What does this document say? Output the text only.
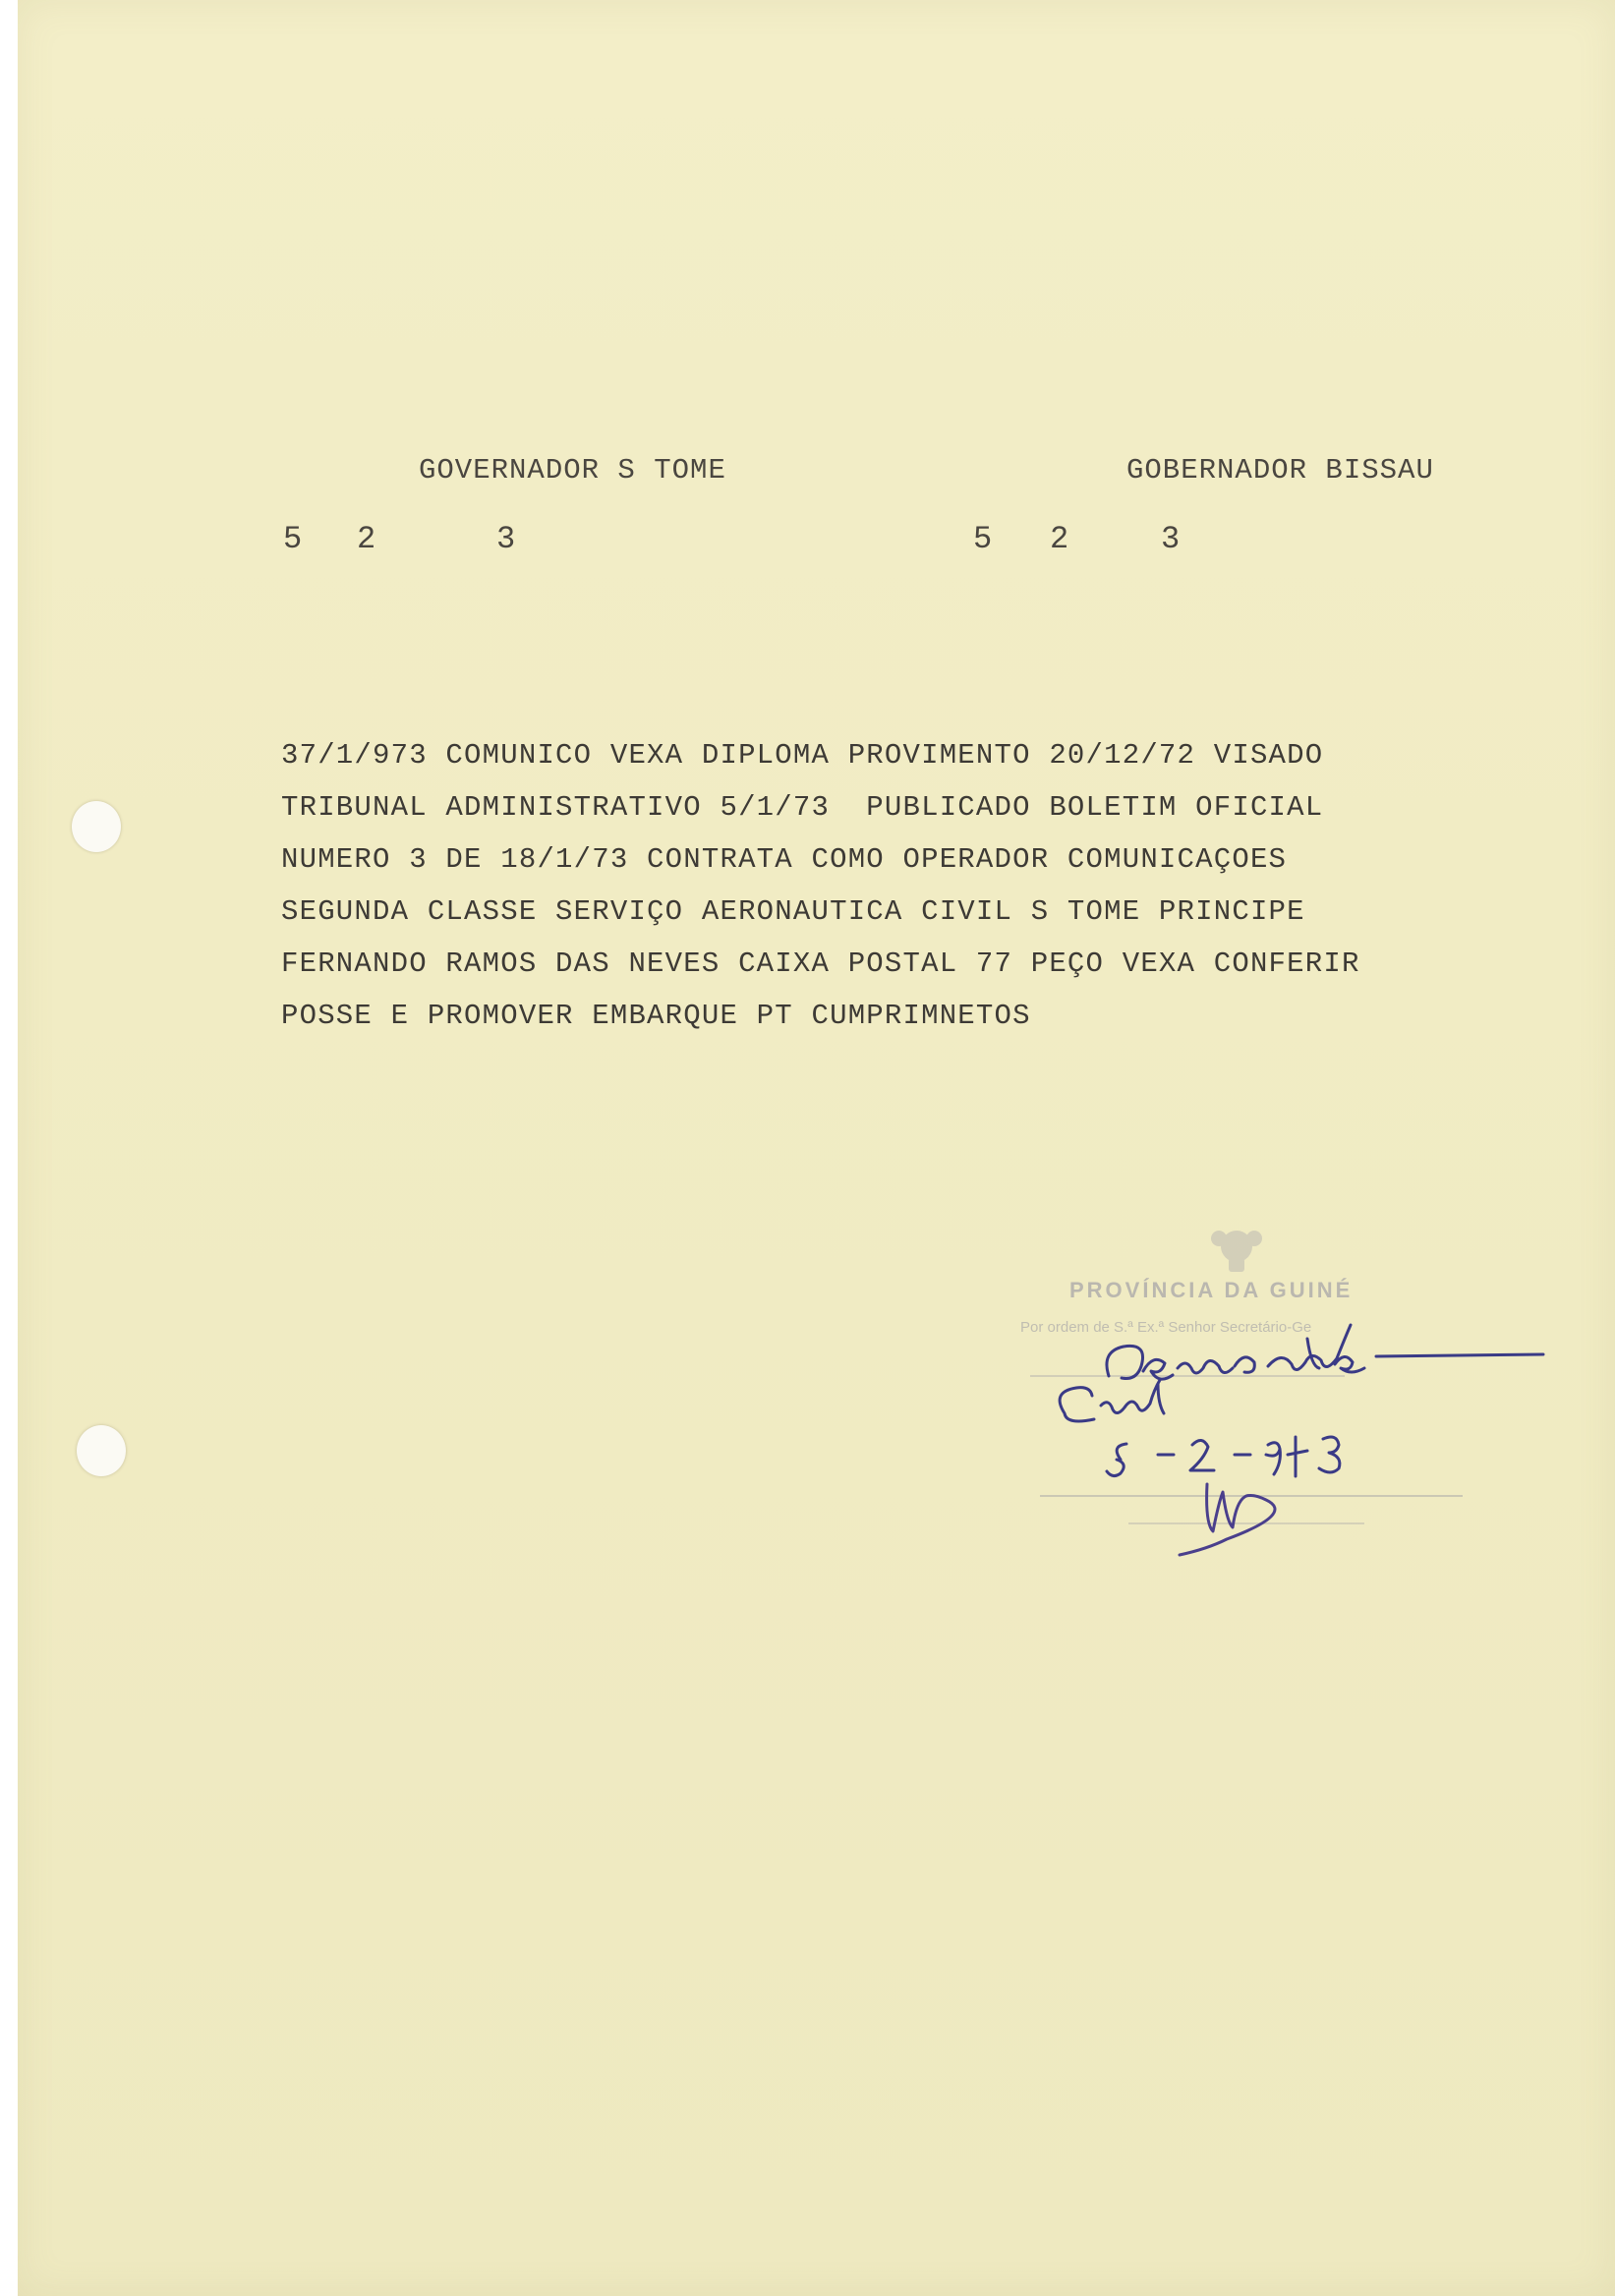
GOVERNADOR S TOME	GOBERNADOR BISSAU
5 2	3	5 2	3
37/1/973 COMUNICO VEXA DIPLOMA PROVIMENTO 20/12/72 VISADO
TRIBUNAL ADMINISTRATIVO 5/1/73  PUBLICADO BOLETIM OFICIAL
NUMERO 3 DE 18/1/73 CONTRATA COMO OPERADOR COMUNICAÇOES
SEGUNDA CLASSE SERVIÇO AERONAUTICA CIVIL S TOME PRINCIPE
FERNANDO RAMOS DAS NEVES CAIXA POSTAL 77 PEÇO VEXA CONFERIR
POSSE E PROMOVER EMBARQUE PT CUMPRIMNETOS
PROVÍNCIA DA GUINÉ
Por ordem de S.ª Ex.ª Senhor Secretário-Ge
